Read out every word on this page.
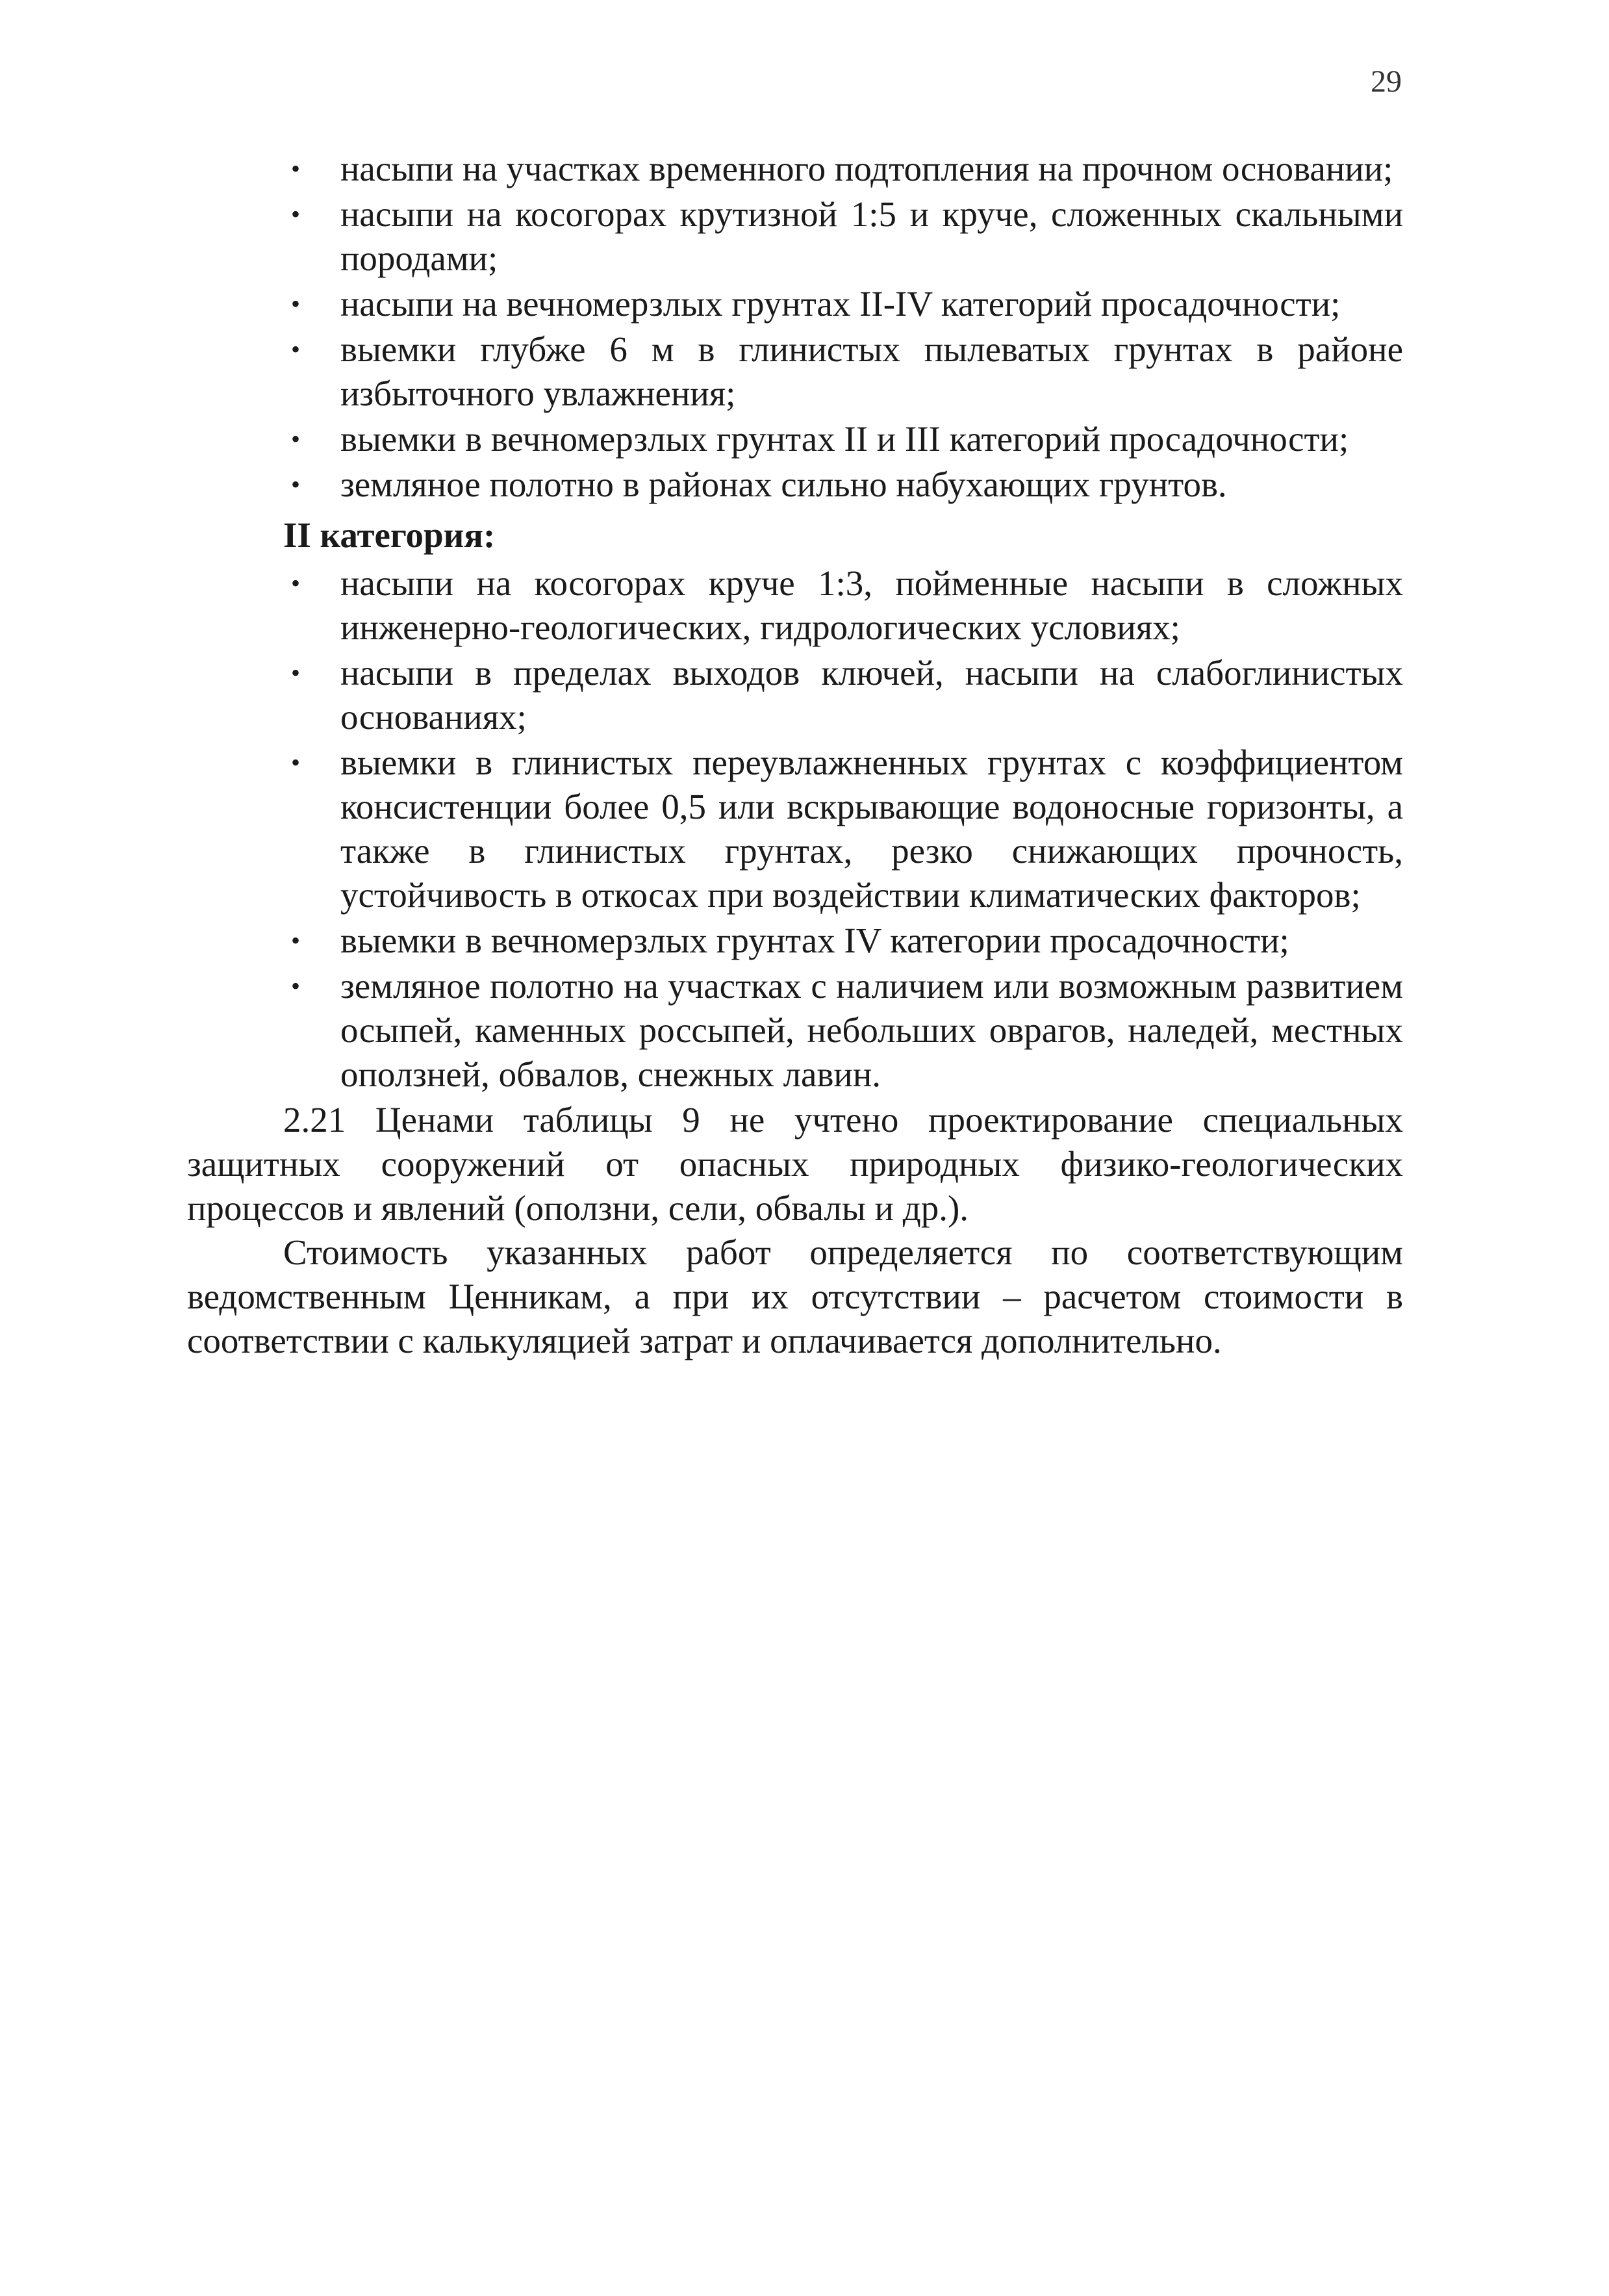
29
•	насыпи на участках временного подтопления на прочном основании;
•	насыпи на косогорах крутизной 1:5 и круче, сложенных скальными породами;
•	насыпи на вечномерзлых грунтах II-IV категорий просадочности;
•	выемки глубже 6 м в глинистых пылеватых грунтах в районе избыточного увлажнения;
•	выемки в вечномерзлых грунтах II и III категорий просадочности;
•	земляное полотно в районах сильно набухающих грунтов.
II категория:
•	насыпи на косогорах круче 1:3, пойменные насыпи в сложных инженерно-геологических, гидрологических условиях;
•	насыпи в пределах выходов ключей, насыпи на слабоглинистых основаниях;
•	выемки в глинистых переувлажненных грунтах с коэффициентом консистенции более 0,5 или вскрывающие водоносные горизонты, а также в глинистых грунтах, резко снижающих прочность, устойчивость в откосах при воздействии климатических факторов;
•	выемки в вечномерзлых грунтах IV категории просадочности;
•	земляное полотно на участках с наличием или возможным развитием осыпей, каменных россыпей, небольших оврагов, наледей, местных оползней, обвалов, снежных лавин.

2.21 Ценами таблицы 9 не учтено проектирование специальных защитных сооружений от опасных природных физико-геологических процессов и явлений (оползни, сели, обвалы и др.).

Стоимость указанных работ определяется по соответствующим ведомственным Ценникам, а при их отсутствии – расчетом стоимости в соответствии с калькуляцией затрат и оплачивается дополнительно.
